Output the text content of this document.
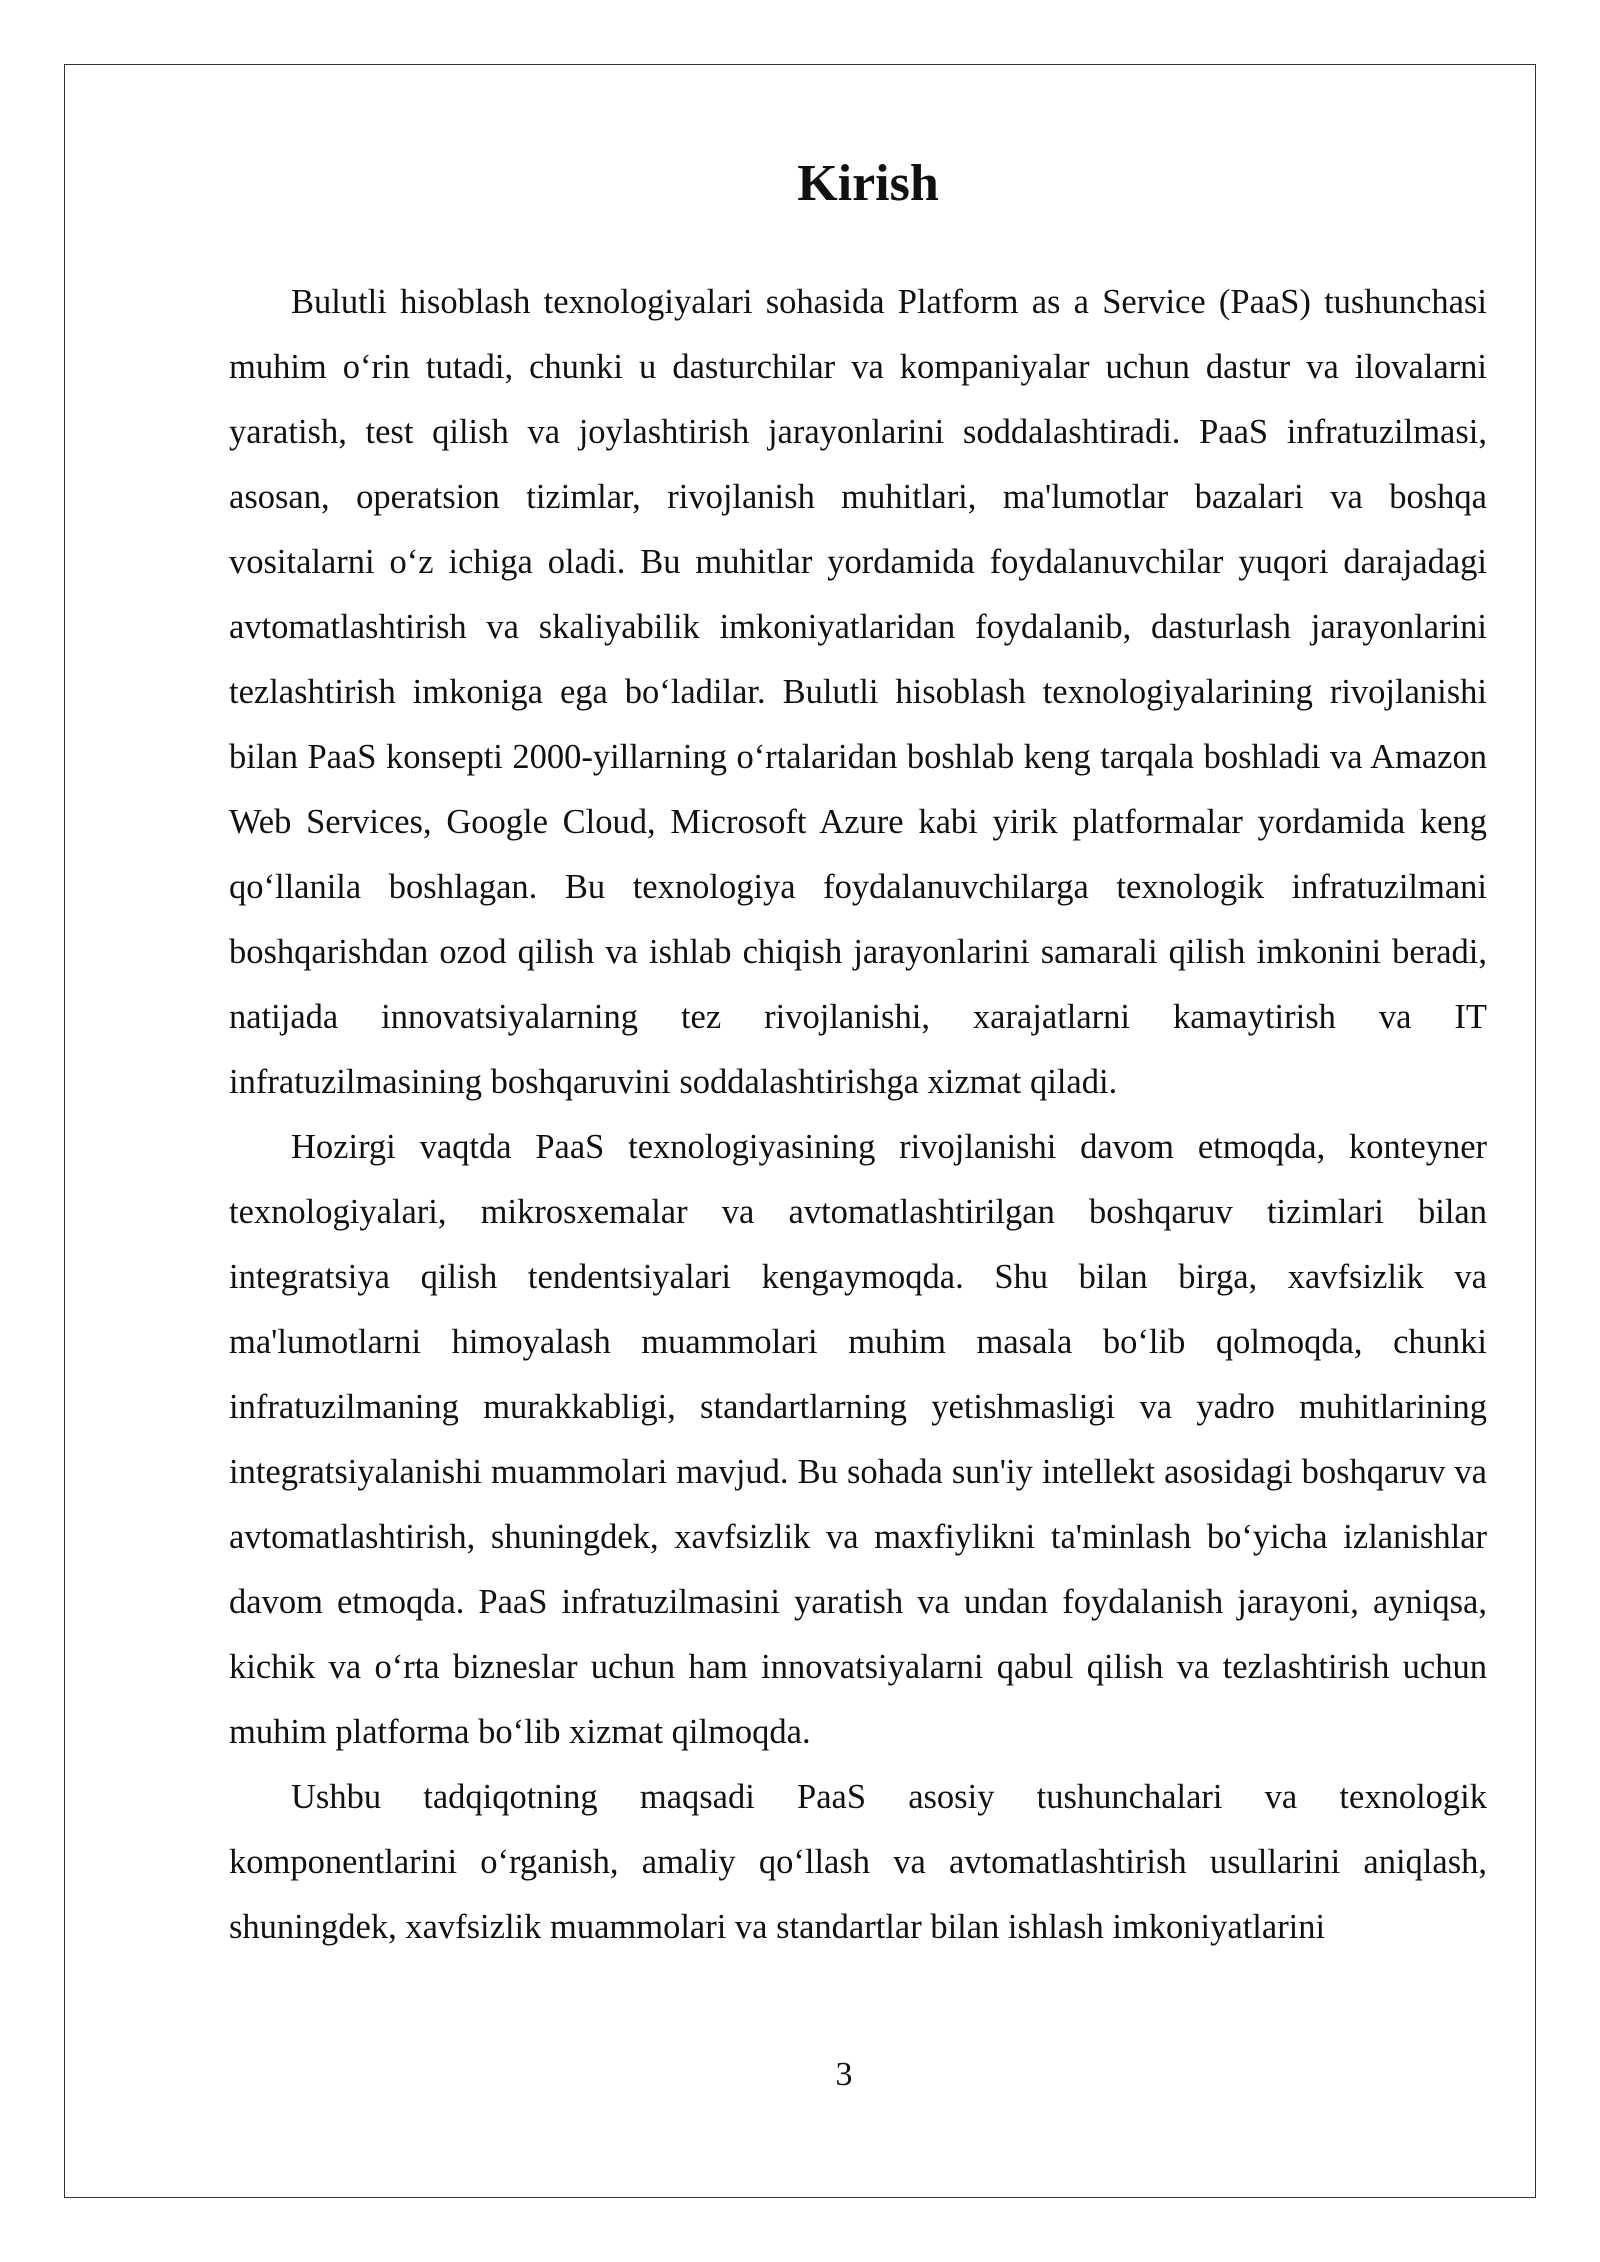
Kirish

Bulutli hisoblash texnologiyalari sohasida Platform as a Service (PaaS) tushunchasi muhim o‘rin tutadi, chunki u dasturchilar va kompaniyalar uchun dastur va ilovalarni yaratish, test qilish va joylashtirish jarayonlarini soddalashtiradi. PaaS infratuzilmasi, asosan, operatsion tizimlar, rivojlanish muhitlari, ma'lumotlar bazalari va boshqa vositalarni o‘z ichiga oladi. Bu muhitlar yordamida foydalanuvchilar yuqori darajadagi avtomatlashtirish va skaliyabilik imkoniyatlaridan foydalanib, dasturlash jarayonlarini tezlashtirish imkoniga ega bo‘ladilar. Bulutli hisoblash texnologiyalarining rivojlanishi bilan PaaS konsepti 2000-yillarning o‘rtalaridan boshlab keng tarqala boshladi va Amazon Web Services, Google Cloud, Microsoft Azure kabi yirik platformalar yordamida keng qo‘llanila boshlagan. Bu texnologiya foydalanuvchilarga texnologik infratuzilmani boshqarishdan ozod qilish va ishlab chiqish jarayonlarini samarali qilish imkonini beradi, natijada innovatsiyalarning tez rivojlanishi, xarajatlarni kamaytirish va IT infratuzilmasining boshqaruvini soddalashtirishga xizmat qiladi.

Hozirgi vaqtda PaaS texnologiyasining rivojlanishi davom etmoqda, konteyner texnologiyalari, mikrosxemalar va avtomatlashtirilgan boshqaruv tizimlari bilan integratsiya qilish tendentsiyalari kengaymoqda. Shu bilan birga, xavfsizlik va ma'lumotlarni himoyalash muammolari muhim masala bo‘lib qolmoqda, chunki infratuzilmaning murakkabligi, standartlarning yetishmasligi va yadro muhitlarining integratsiyalanishi muammolari mavjud. Bu sohada sun'iy intellekt asosidagi boshqaruv va avtomatlashtirish, shuningdek, xavfsizlik va maxfiylikni ta'minlash bo‘yicha izlanishlar davom etmoqda. PaaS infratuzilmasini yaratish va undan foydalanish jarayoni, ayniqsa, kichik va o‘rta bizneslar uchun ham innovatsiyalarni qabul qilish va tezlashtirish uchun muhim platforma bo‘lib xizmat qilmoqda.

Ushbu tadqiqotning maqsadi PaaS asosiy tushunchalari va texnologik komponentlarini o‘rganish, amaliy qo‘llash va avtomatlashtirish usullarini aniqlash, shuningdek, xavfsizlik muammolari va standartlar bilan ishlash imkoniyatlarini

3
